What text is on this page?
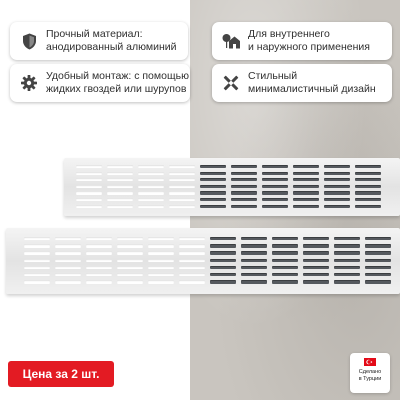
Прочный материал:
анодированный алюминий
Для внутреннего
и наружного применения
Удобный монтаж: с помощью
жидких гвоздей или шурупов
Стильный
минималистичный дизайн
Цена за 2 шт.	Сделано
в Турции
